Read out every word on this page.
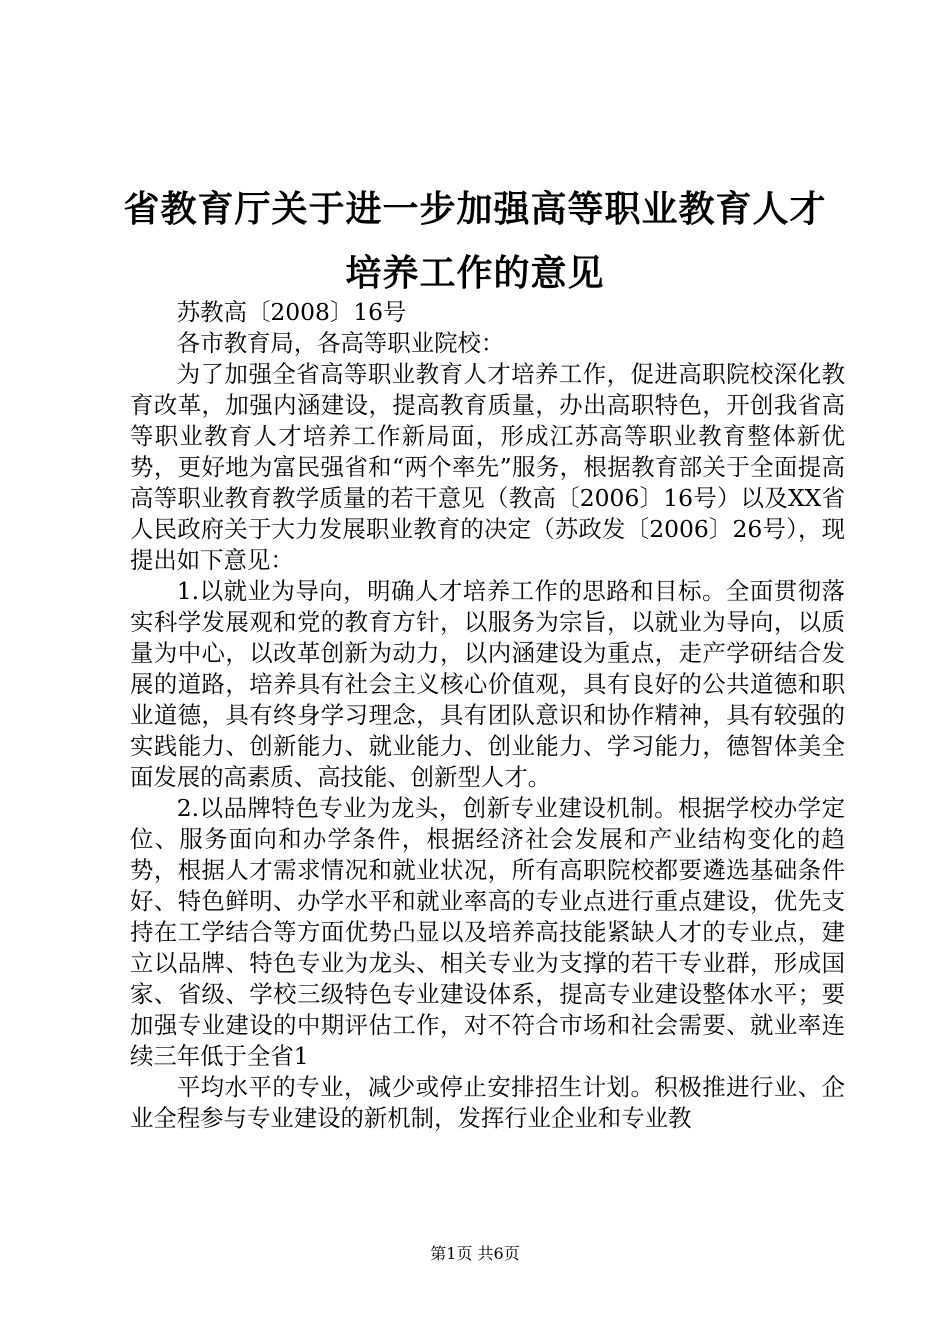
省教育厅关于进一步加强高等职业教育人才培养工作的意见

苏教高〔2008〕16号

各市教育局，各高等职业院校：

为了加强全省高等职业教育人才培养工作，促进高职院校深化教育改革，加强内涵建设，提高教育质量，办出高职特色，开创我省高等职业教育人才培养工作新局面，形成江苏高等职业教育整体新优势，更好地为富民强省和“两个率先”服务，根据教育部关于全面提高高等职业教育教学质量的若干意见（教高〔2006〕16号）以及XX省人民政府关于大力发展职业教育的决定（苏政发〔2006〕26号），现提出如下意见：

1.以就业为导向，明确人才培养工作的思路和目标。全面贯彻落实科学发展观和党的教育方针，以服务为宗旨，以就业为导向，以质量为中心，以改革创新为动力，以内涵建设为重点，走产学研结合发展的道路，培养具有社会主义核心价值观，具有良好的公共道德和职业道德，具有终身学习理念，具有团队意识和协作精神，具有较强的实践能力、创新能力、就业能力、创业能力、学习能力，德智体美全面发展的高素质、高技能、创新型人才。

2.以品牌特色专业为龙头，创新专业建设机制。根据学校办学定位、服务面向和办学条件，根据经济社会发展和产业结构变化的趋势，根据人才需求情况和就业状况，所有高职院校都要遴选基础条件好、特色鲜明、办学水平和就业率高的专业点进行重点建设，优先支持在工学结合等方面优势凸显以及培养高技能紧缺人才的专业点，建立以品牌、特色专业为龙头、相关专业为支撑的若干专业群，形成国家、省级、学校三级特色专业建设体系，提高专业建设整体水平；要加强专业建设的中期评估工作，对不符合市场和社会需要、就业率连续三年低于全省1

平均水平的专业，减少或停止安排招生计划。积极推进行业、企业全程参与专业建设的新机制，发挥行业企业和专业教

第1页 共6页
